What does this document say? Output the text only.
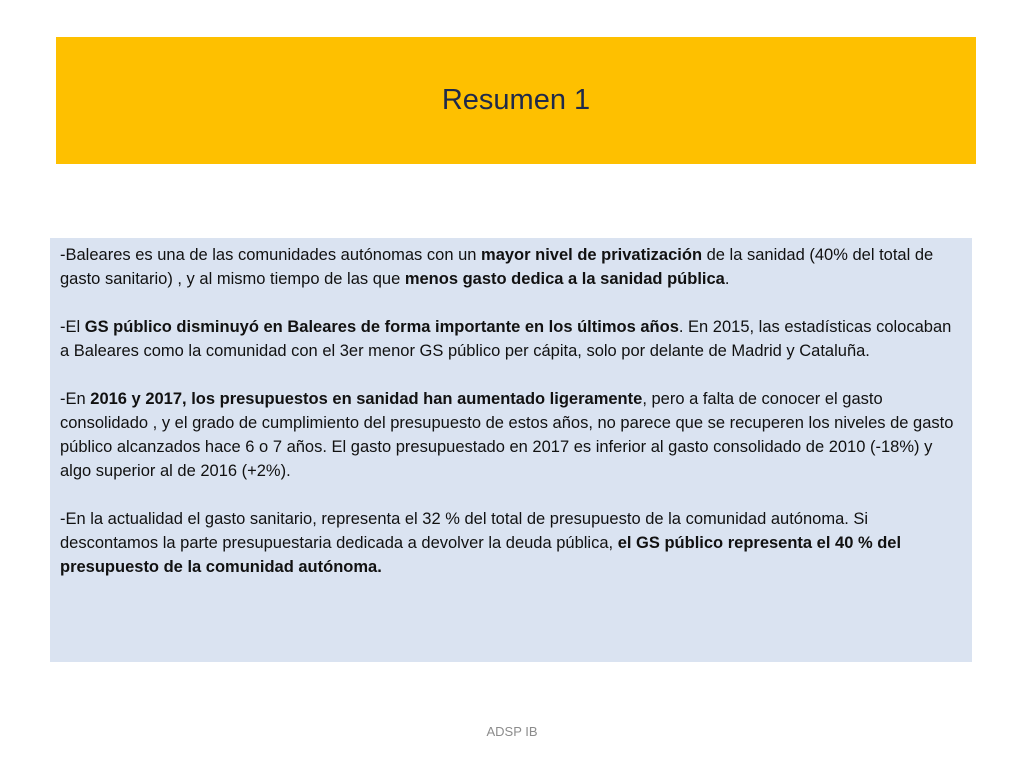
Resumen 1

-Baleares es una de las comunidades autónomas con un mayor nivel de privatización de la sanidad (40% del total de gasto sanitario) , y al mismo tiempo de las que menos gasto dedica a la sanidad pública.

-El GS público disminuyó en Baleares de forma importante en los últimos años. En 2015, las estadísticas colocaban a Baleares como la comunidad con el 3er menor GS público per cápita, solo por delante de Madrid y Cataluña.

-En 2016 y 2017, los presupuestos en sanidad han aumentado ligeramente, pero a falta de conocer el gasto consolidado , y el grado de cumplimiento del presupuesto de estos años, no parece que se recuperen los niveles de gasto público alcanzados hace 6 o 7 años. El gasto presupuestado en 2017 es inferior al gasto consolidado de 2010 (-18%) y algo superior al de 2016 (+2%).

-En la actualidad el gasto sanitario, representa el 32 % del total de presupuesto de la comunidad autónoma. Si descontamos la parte presupuestaria dedicada a devolver la deuda pública, el GS público representa el 40 % del presupuesto de la comunidad autónoma.

ADSP IB
